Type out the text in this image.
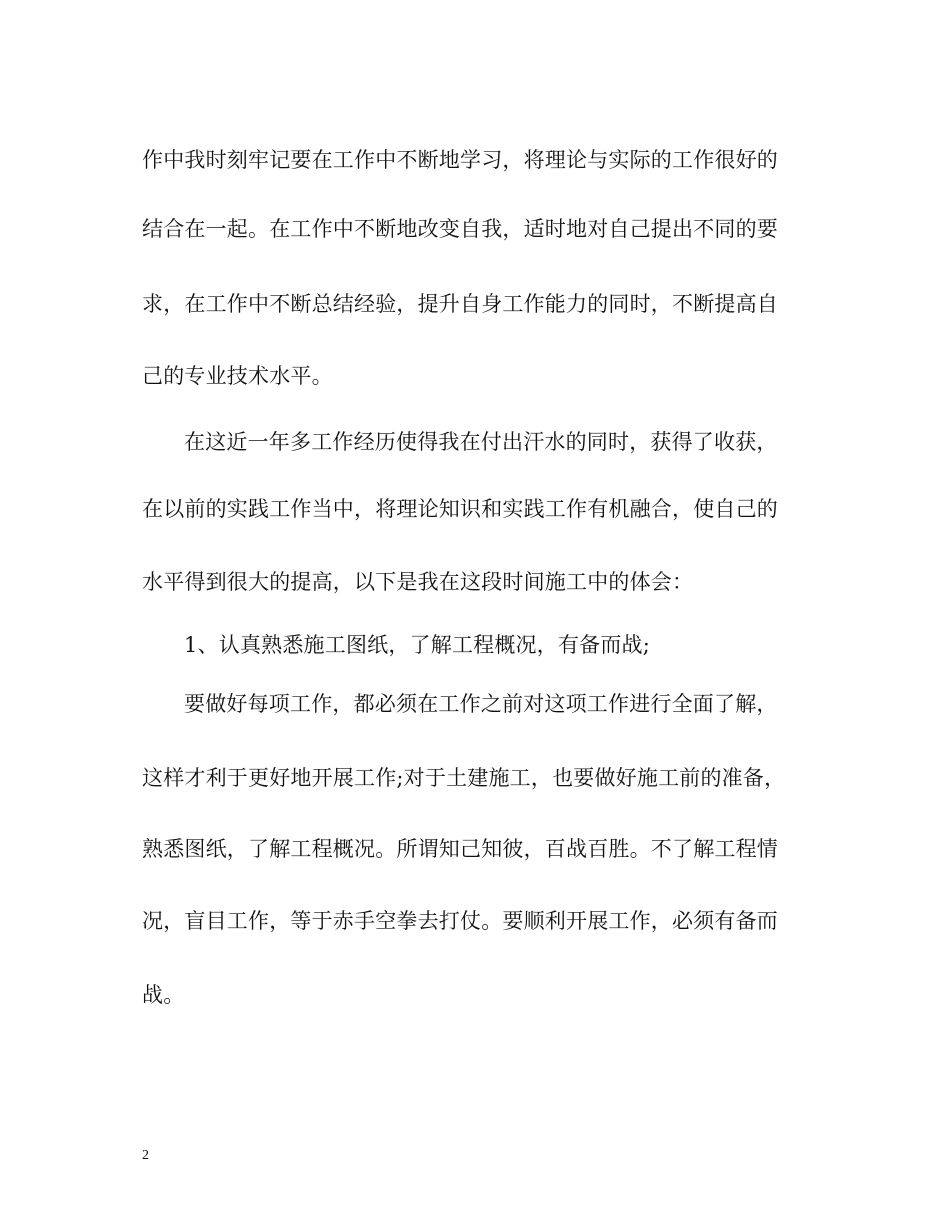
作中我时刻牢记要在工作中不断地学习，将理论与实际的工作很好的
结合在一起。在工作中不断地改变自我，适时地对自己提出不同的要
求，在工作中不断总结经验，提升自身工作能力的同时，不断提高自
己的专业技术水平。
在这近一年多工作经历使得我在付出汗水的同时，获得了收获，
在以前的实践工作当中，将理论知识和实践工作有机融合，使自己的
水平得到很大的提高，以下是我在这段时间施工中的体会：
1、认真熟悉施工图纸，了解工程概况，有备而战;
要做好每项工作，都必须在工作之前对这项工作进行全面了解，
这样才利于更好地开展工作;对于土建施工，也要做好施工前的准备，
熟悉图纸，了解工程概况。所谓知己知彼，百战百胜。不了解工程情
况，盲目工作，等于赤手空拳去打仗。要顺利开展工作，必须有备而
战。
2
